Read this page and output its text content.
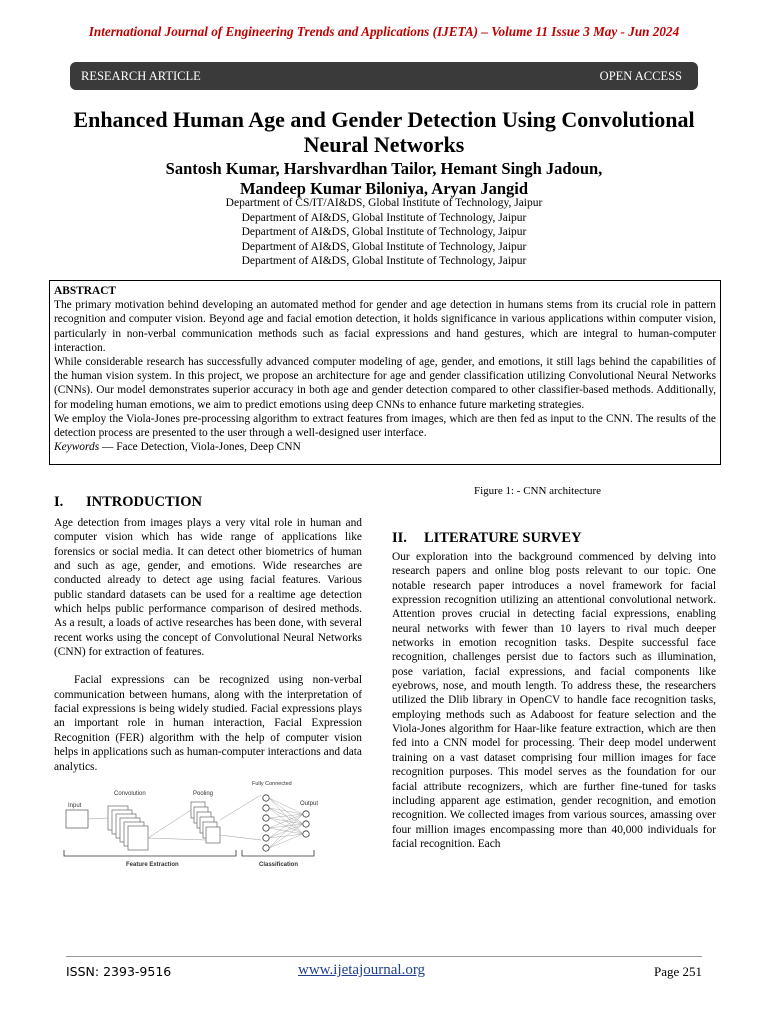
International Journal of Engineering Trends and Applications (IJETA) – Volume 11 Issue 3 May - Jun 2024
RESEARCH ARTICLE	OPEN ACCESS
Enhanced Human Age and Gender Detection Using Convolutional Neural Networks
Santosh Kumar, Harshvardhan Tailor, Hemant Singh Jadoun,
Mandeep Kumar Biloniya, Aryan Jangid
Department of CS/IT/AI&DS, Global Institute of Technology, Jaipur
Department of AI&DS, Global Institute of Technology, Jaipur
Department of AI&DS, Global Institute of Technology, Jaipur
Department of AI&DS, Global Institute of Technology, Jaipur
Department of AI&DS, Global Institute of Technology, Jaipur
ABSTRACT

The primary motivation behind developing an automated method for gender and age detection in humans stems from its crucial role in pattern recognition and computer vision. Beyond age and facial emotion detection, it holds significance in various applications within computer vision, particularly in non-verbal communication methods such as facial expressions and hand gestures, which are integral to human-computer interaction.

While considerable research has successfully advanced computer modeling of age, gender, and emotions, it still lags behind the capabilities of the human vision system. In this project, we propose an architecture for age and gender classification utilizing Convolutional Neural Networks (CNNs). Our model demonstrates superior accuracy in both age and gender detection compared to other classifier-based methods. Additionally, for modeling human emotions, we aim to predict emotions using deep CNNs to enhance future marketing strategies.

We employ the Viola-Jones pre-processing algorithm to extract features from images, which are then fed as input to the CNN. The results of the detection process are presented to the user through a well-designed user interface.

Keywords — Face Detection, Viola-Jones, Deep CNN

I. INTRODUCTION

Age detection from images plays a very vital role in human and computer vision which has wide range of applications like forensics or social media. It can detect other biometrics of human and such as age, gender, and emotions. Wide researches are conducted already to detect age using facial features. Various public standard datasets can be used for a realtime age detection which helps public performance comparison of desired methods. As a result, a loads of active researches has been done, with several recent works using the concept of Convolutional Neural Networks (CNN) for extraction of features.

Facial expressions can be recognized using non-verbal communication between humans, along with the interpretation of facial expressions is being widely studied. Facial expressions plays an important role in human interaction, Facial Expression Recognition (FER) algorithm with the help of computer vision helps in applications such as human-computer interactions and data analytics.

Input
Convolution	Pooling
Fully Connected
Output
Feature Extraction	Classification
Figure 1: - CNN architecture
II. LITERATURE SURVEY

Our exploration into the background commenced by delving into research papers and online blog posts relevant to our topic. One notable research paper introduces a novel framework for facial expression recognition utilizing an attentional convolutional network. Attention proves crucial in detecting facial expressions, enabling neural networks with fewer than 10 layers to rival much deeper networks in emotion recognition tasks. Despite successful face recognition, challenges persist due to factors such as illumination, pose variation, facial expressions, and facial components like eyebrows, nose, and mouth length. To address these, the researchers utilized the Dlib library in OpenCV to handle face recognition tasks, employing methods such as Adaboost for feature selection and the Viola-Jones algorithm for Haar-like feature extraction, which are then fed into a CNN model for processing. Their deep model underwent training on a vast dataset comprising four million images for face recognition purposes. This model serves as the foundation for our facial attribute recognizers, which are further fine-tuned for tasks including apparent age estimation, gender recognition, and emotion recognition. We collected images from various sources, amassing over four million images encompassing more than 40,000 individuals for facial recognition. Each

ISSN: 2393-9516	www.ijetajournal.org	Page 251
